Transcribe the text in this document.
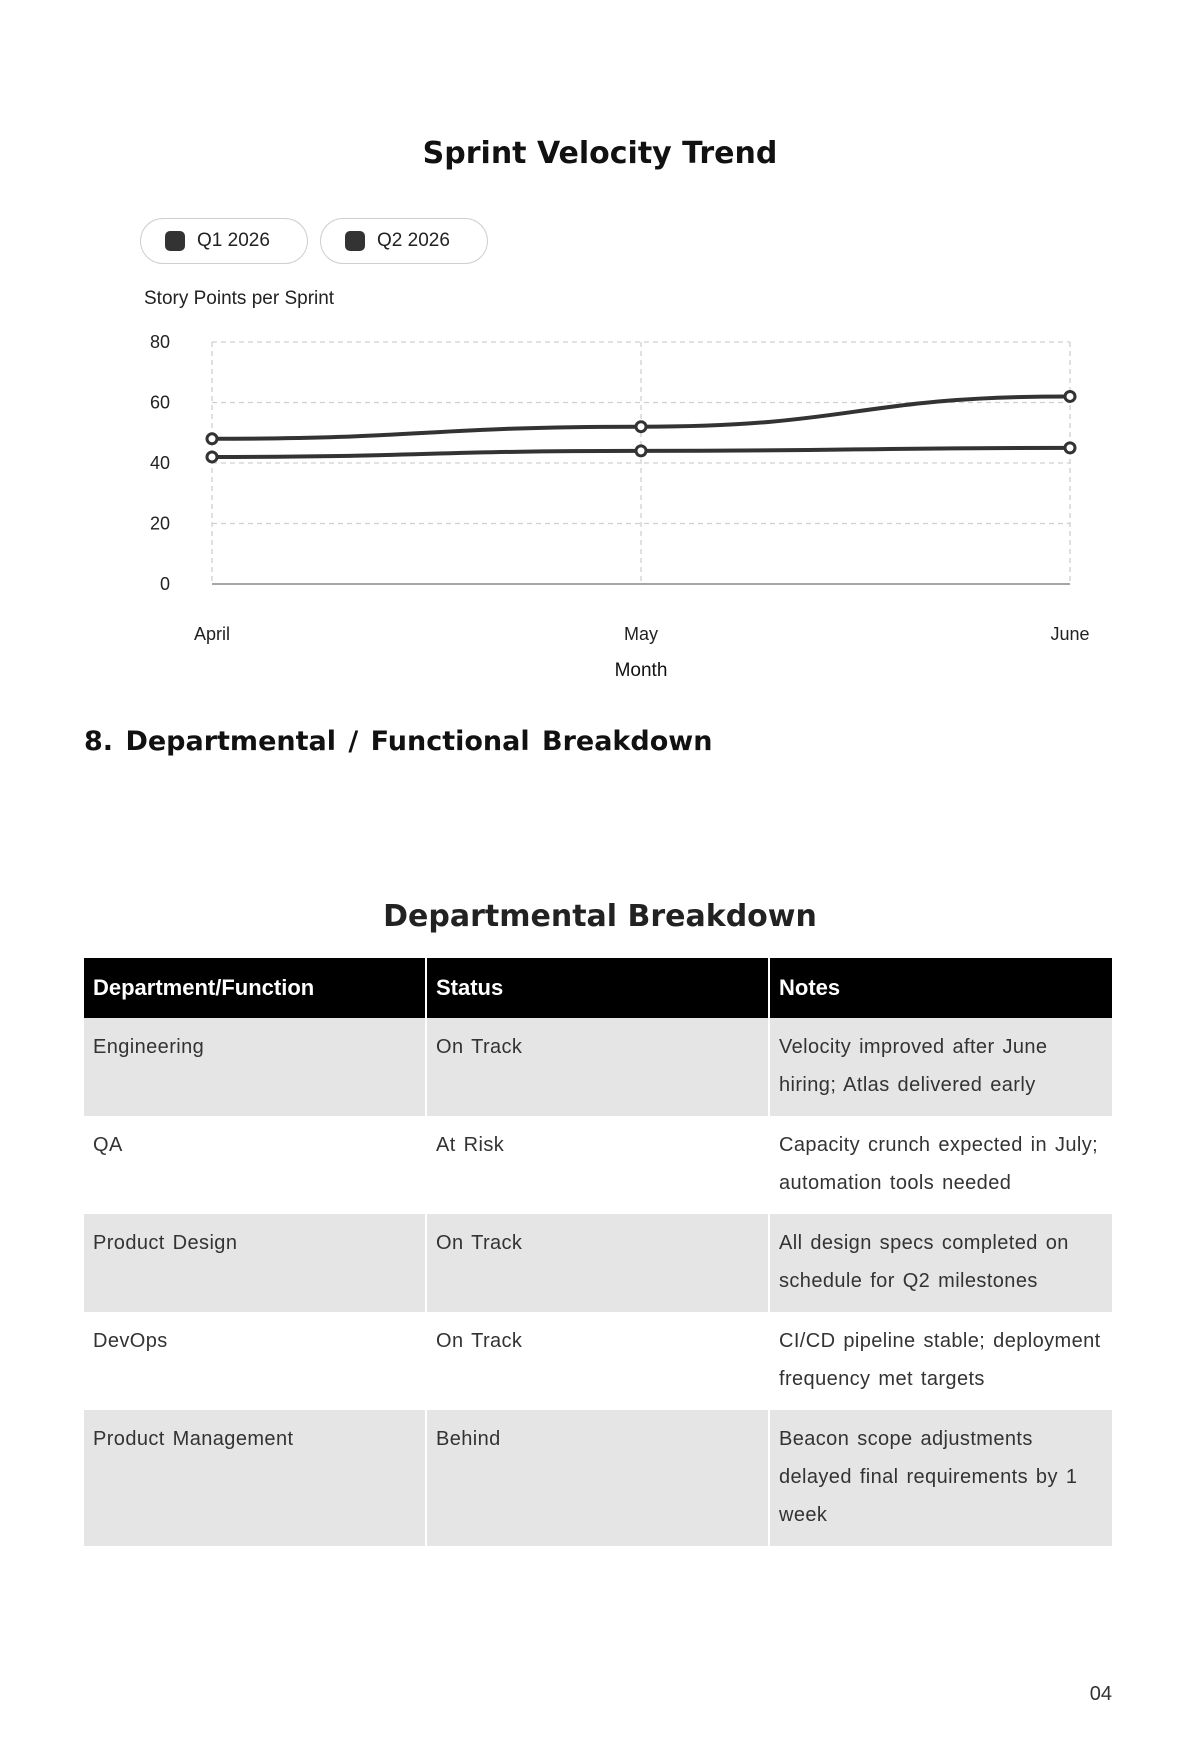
Sprint Velocity Trend
Q1 2026	Q2 2026
Story Points per Sprint
0
20
40
60
80
April	May	June
Month
8. Departmental / Functional Breakdown
Departmental Breakdown
Department/Function	Status	Notes
Engineering	On Track	Velocity improved after June hiring; Atlas delivered early
QA	At Risk	Capacity crunch expected in July; automation tools needed
Product Design	On Track	All design specs completed on schedule for Q2 milestones
DevOps	On Track	CI/CD pipeline stable; deployment frequency met targets
Product Management	Behind	Beacon scope adjustments delayed final requirements by 1 week
04
